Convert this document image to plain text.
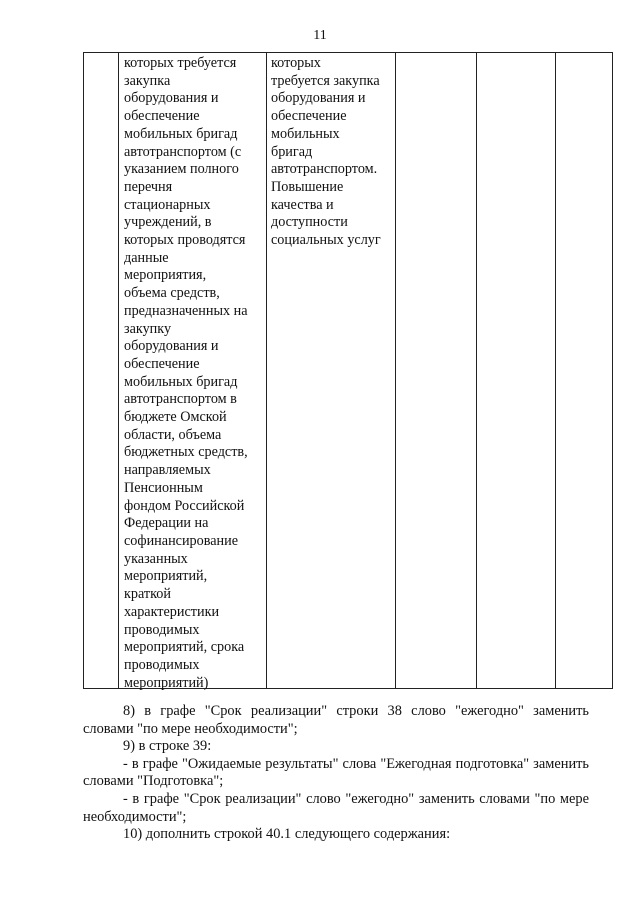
11
которых требуется
закупка
оборудования и
обеспечение
мобильных бригад
автотранспортом (с
указанием полного
перечня
стационарных
учреждений, в
которых проводятся
данные
мероприятия,
объема средств,
предназначенных на
закупку
оборудования и
обеспечение
мобильных бригад
автотранспортом в
бюджете Омской
области, объема
бюджетных средств,
направляемых
Пенсионным
фондом Российской
Федерации на
софинансирование
указанных
мероприятий,
краткой
характеристики
проводимых
мероприятий, срока
проводимых
мероприятий)
которых
требуется закупка
оборудования и
обеспечение
мобильных
бригад
автотранспортом.
Повышение
качества и
доступности
социальных услуг

8) в графе "Срок реализации" строки 38 слово "ежегодно" заменить словами "по мере необходимости";

9) в строке 39:

- в графе "Ожидаемые результаты" слова "Ежегодная подготовка" заменить словами "Подготовка";

- в графе "Срок реализации" слово "ежегодно" заменить словами "по мере необходимости";

10) дополнить строкой 40.1 следующего содержания:
